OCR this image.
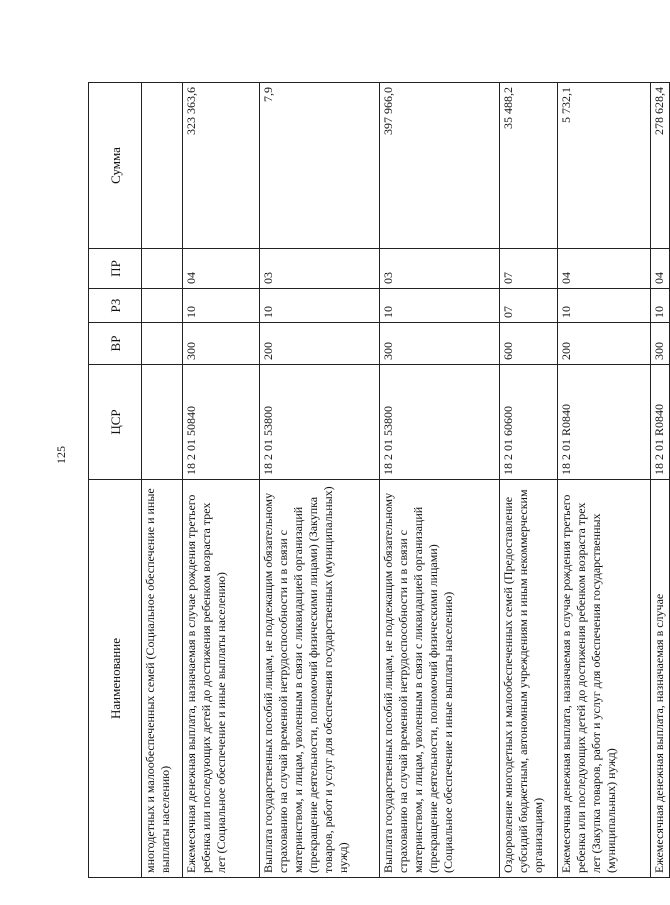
125
Наименование	ЦСР	ВР	РЗ	ПР	Сумма
многодетных и малообеспеченных семей (Социальное обеспечение и иные выплаты населению)					
Ежемесячная денежная выплата, назначаемая в случае рождения третьего ребенка или последующих детей до достижения ребенком возраста трех лет (Социальное обеспечение и иные выплаты населению)	18 2 01 50840	300	10	04	323 363,6
Выплата государственных пособий лицам, не подлежащим обязательному страхованию на случай временной нетрудоспособности и в связи с материнством, и лицам, уволенным в связи с ликвидацией организаций (прекращение деятельности, полномочий физическими лицами) (Закупка товаров, работ и услуг для обеспечения государственных (муниципальных) нужд)	18 2 01 53800	200	10	03	7,9
Выплата государственных пособий лицам, не подлежащим обязательному страхованию на случай временной нетрудоспособности и в связи с материнством, и лицам, уволенным в связи с ликвидацией организаций (прекращение деятельности, полномочий физическими лицами) (Социальное обеспечение и иные выплаты населению)	18 2 01 53800	300	10	03	397 966,0
Оздоровление многодетных и малообеспеченных семей (Предоставление субсидий бюджетным, автономным учреждениям и иным некоммерческим организациям)	18 2 01 60600	600	07	07	35 488,2
Ежемесячная денежная выплата, назначаемая в случае рождения третьего ребенка или последующих детей до достижения ребенком возраста трех лет (Закупка товаров, работ и услуг для обеспечения государственных (муниципальных) нужд)	18 2 01 R0840	200	10	04	5 732,1
Ежемесячная денежная выплата, назначаемая в случае	18 2 01 R0840	300	10	04	278 628,4
